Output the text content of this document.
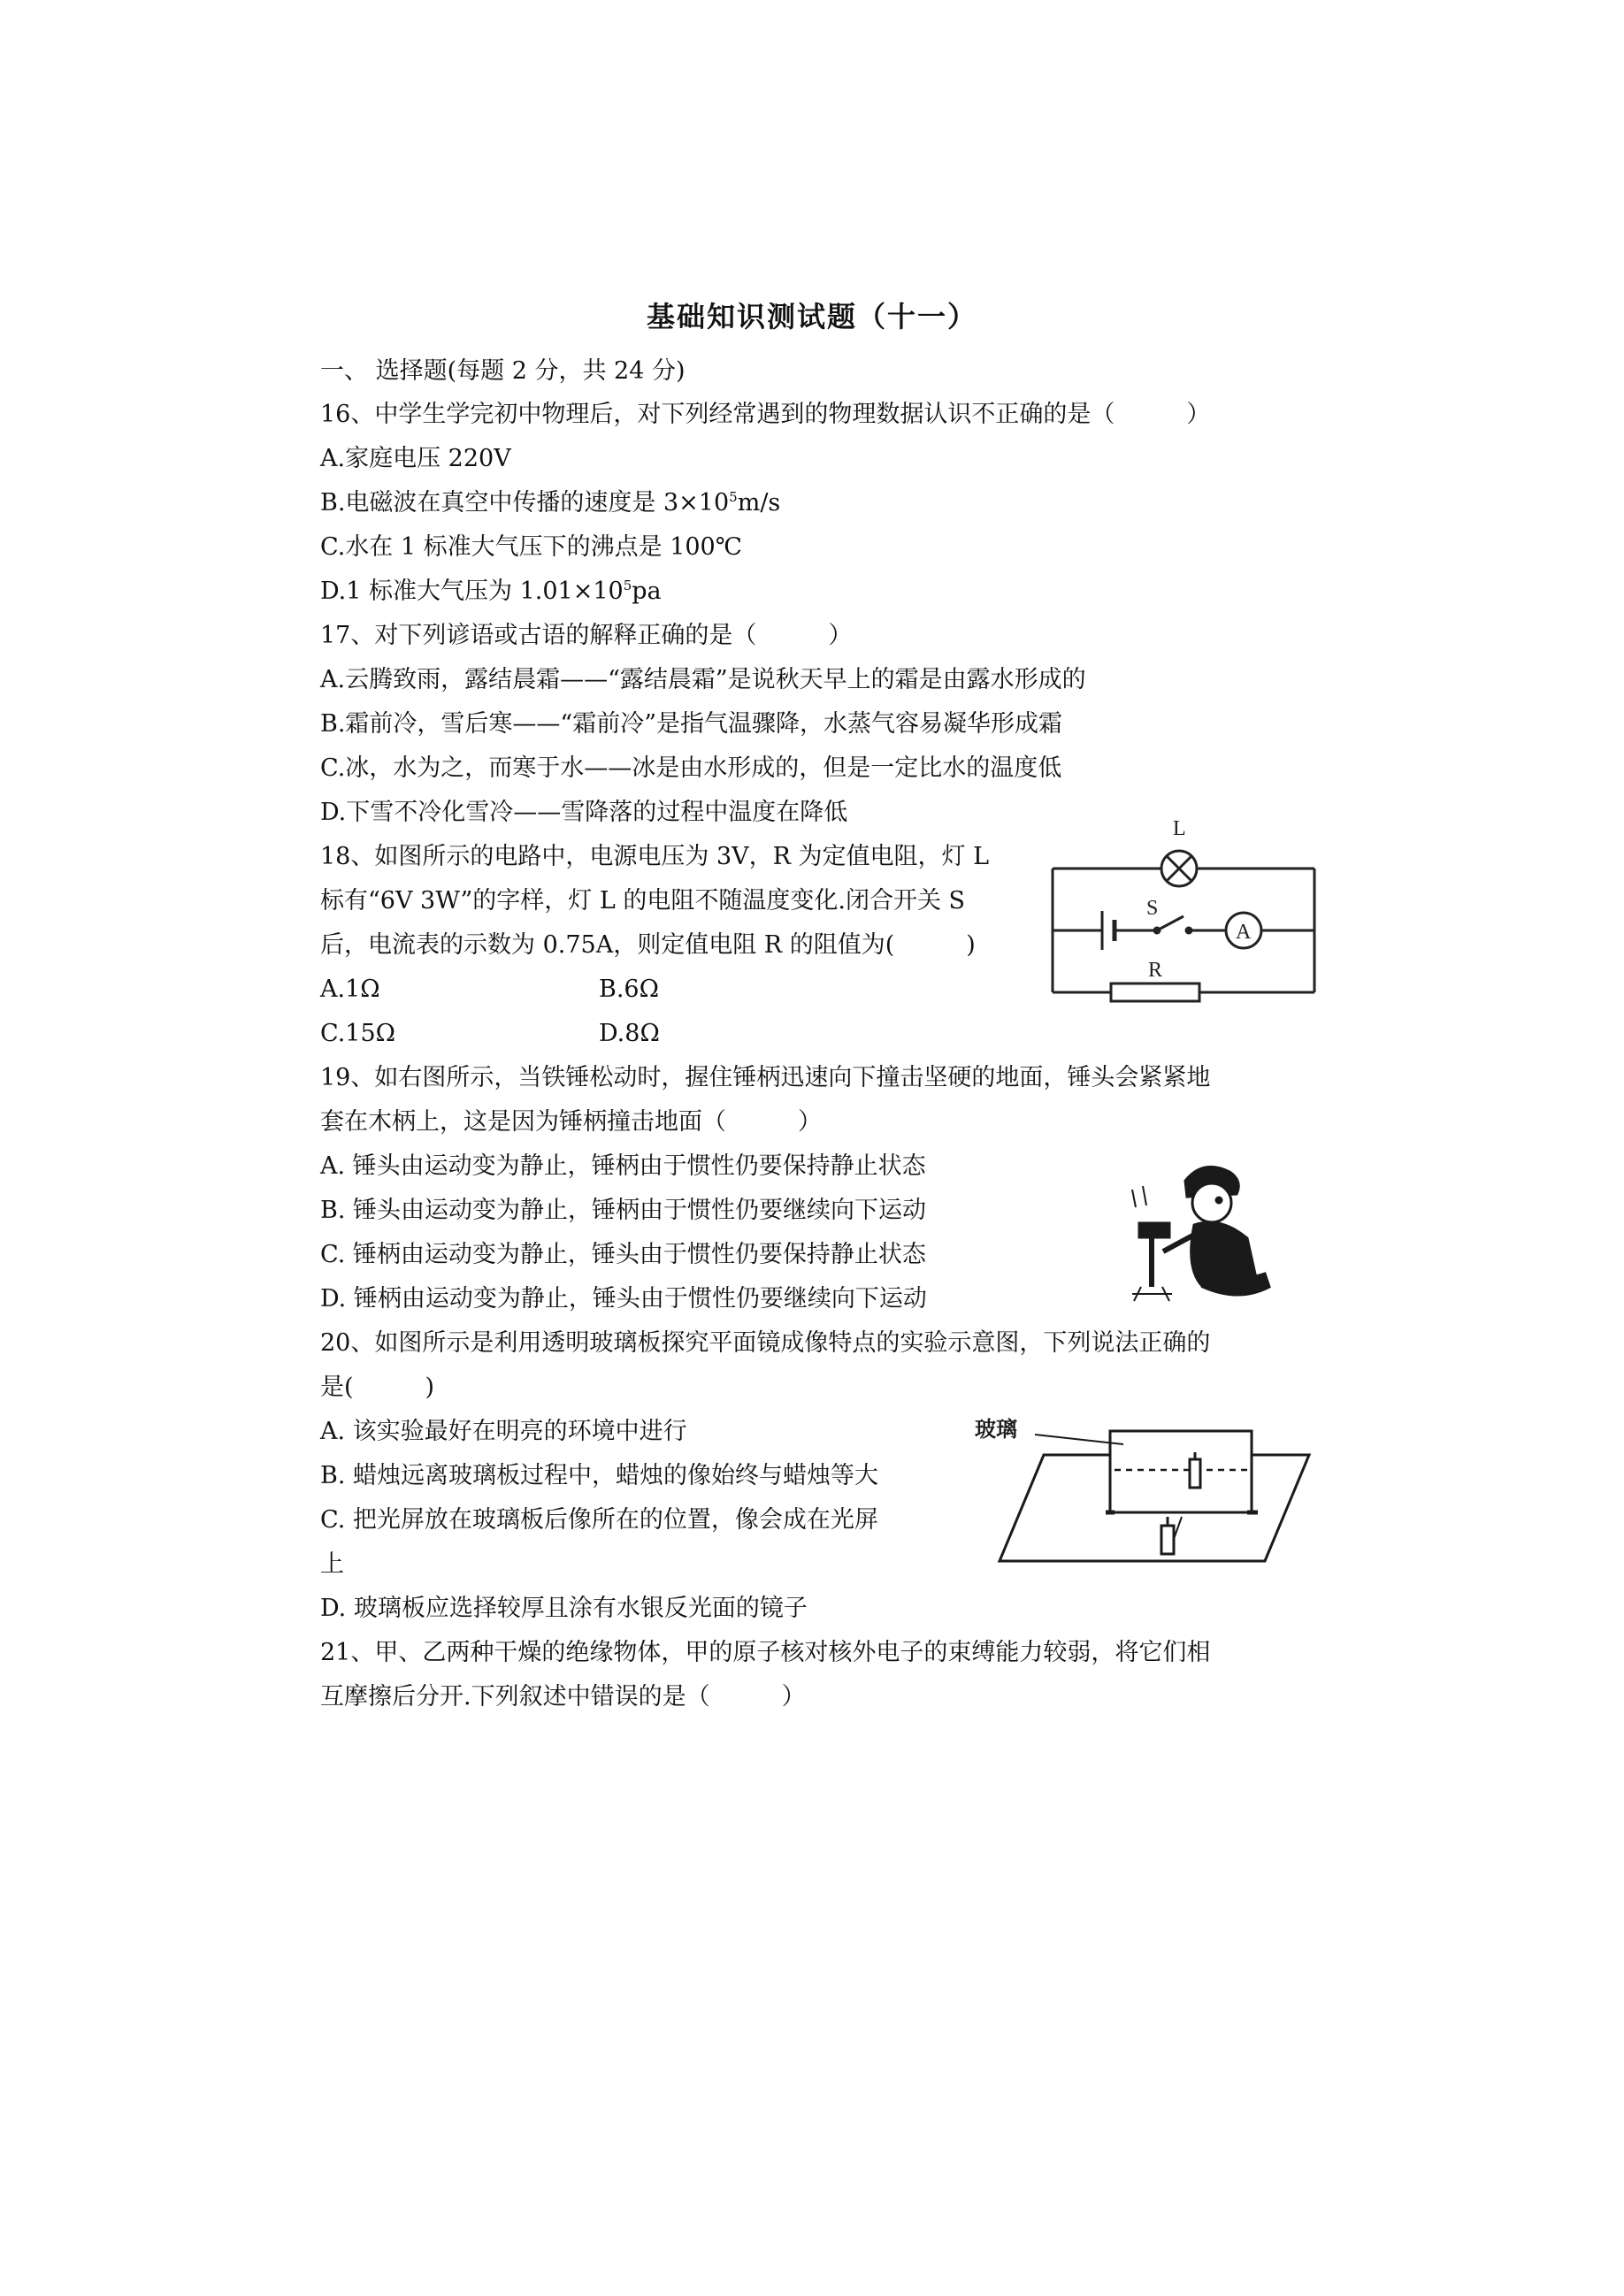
基础知识测试题（十一）
一、 选择题(每题 2 分，共 24 分)
16、中学生学完初中物理后，对下列经常遇到的物理数据认识不正确的是（　　　）
A.家庭电压 220V
B.电磁波在真空中传播的速度是 $3\times 10^5m/s$
C.水在 1 标准大气压下的沸点是 100℃
D.1 标准大气压为 $1.01\times 10^5pa$
17、对下列谚语或古语的解释正确的是（　　　）
A.云腾致雨，露结晨霜——“露结晨霜”是说秋天早上的霜是由露水形成的
B.霜前冷，雪后寒——“霜前冷”是指气温骤降，水蒸气容易凝华形成霜
C.冰，水为之，而寒于水——冰是由水形成的，但是一定比水的温度低
D.下雪不冷化雪冷——雪降落的过程中温度在降低
18、如图所示的电路中，电源电压为 3V，R 为定值电阻，灯 L
标有“6V 3W”的字样，灯 L 的电阻不随温度变化.闭合开关 S
后，电流表的示数为 0.75A，则定值电阻 R 的阻值为(　　　)
A.1Ω	B.6Ω
C.15Ω	D.8Ω
L
S
A
R
19、如右图所示，当铁锤松动时，握住锤柄迅速向下撞击坚硬的地面，锤头会紧紧地
套在木柄上，这是因为锤柄撞击地面（　　　）
A. 锤头由运动变为静止，锤柄由于惯性仍要保持静止状态
B. 锤头由运动变为静止，锤柄由于惯性仍要继续向下运动
C. 锤柄由运动变为静止，锤头由于惯性仍要保持静止状态
D. 锤柄由运动变为静止，锤头由于惯性仍要继续向下运动
20、如图所示是利用透明玻璃板探究平面镜成像特点的实验示意图，下列说法正确的
是(　　　)
A. 该实验最好在明亮的环境中进行
B. 蜡烛远离玻璃板过程中，蜡烛的像始终与蜡烛等大
C. 把光屏放在玻璃板后像所在的位置，像会成在光屏
上
D. 玻璃板应选择较厚且涂有水银反光面的镜子
玻璃
21、甲、乙两种干燥的绝缘物体，甲的原子核对核外电子的束缚能力较弱，将它们相
互摩擦后分开.下列叙述中错误的是（　　　）
